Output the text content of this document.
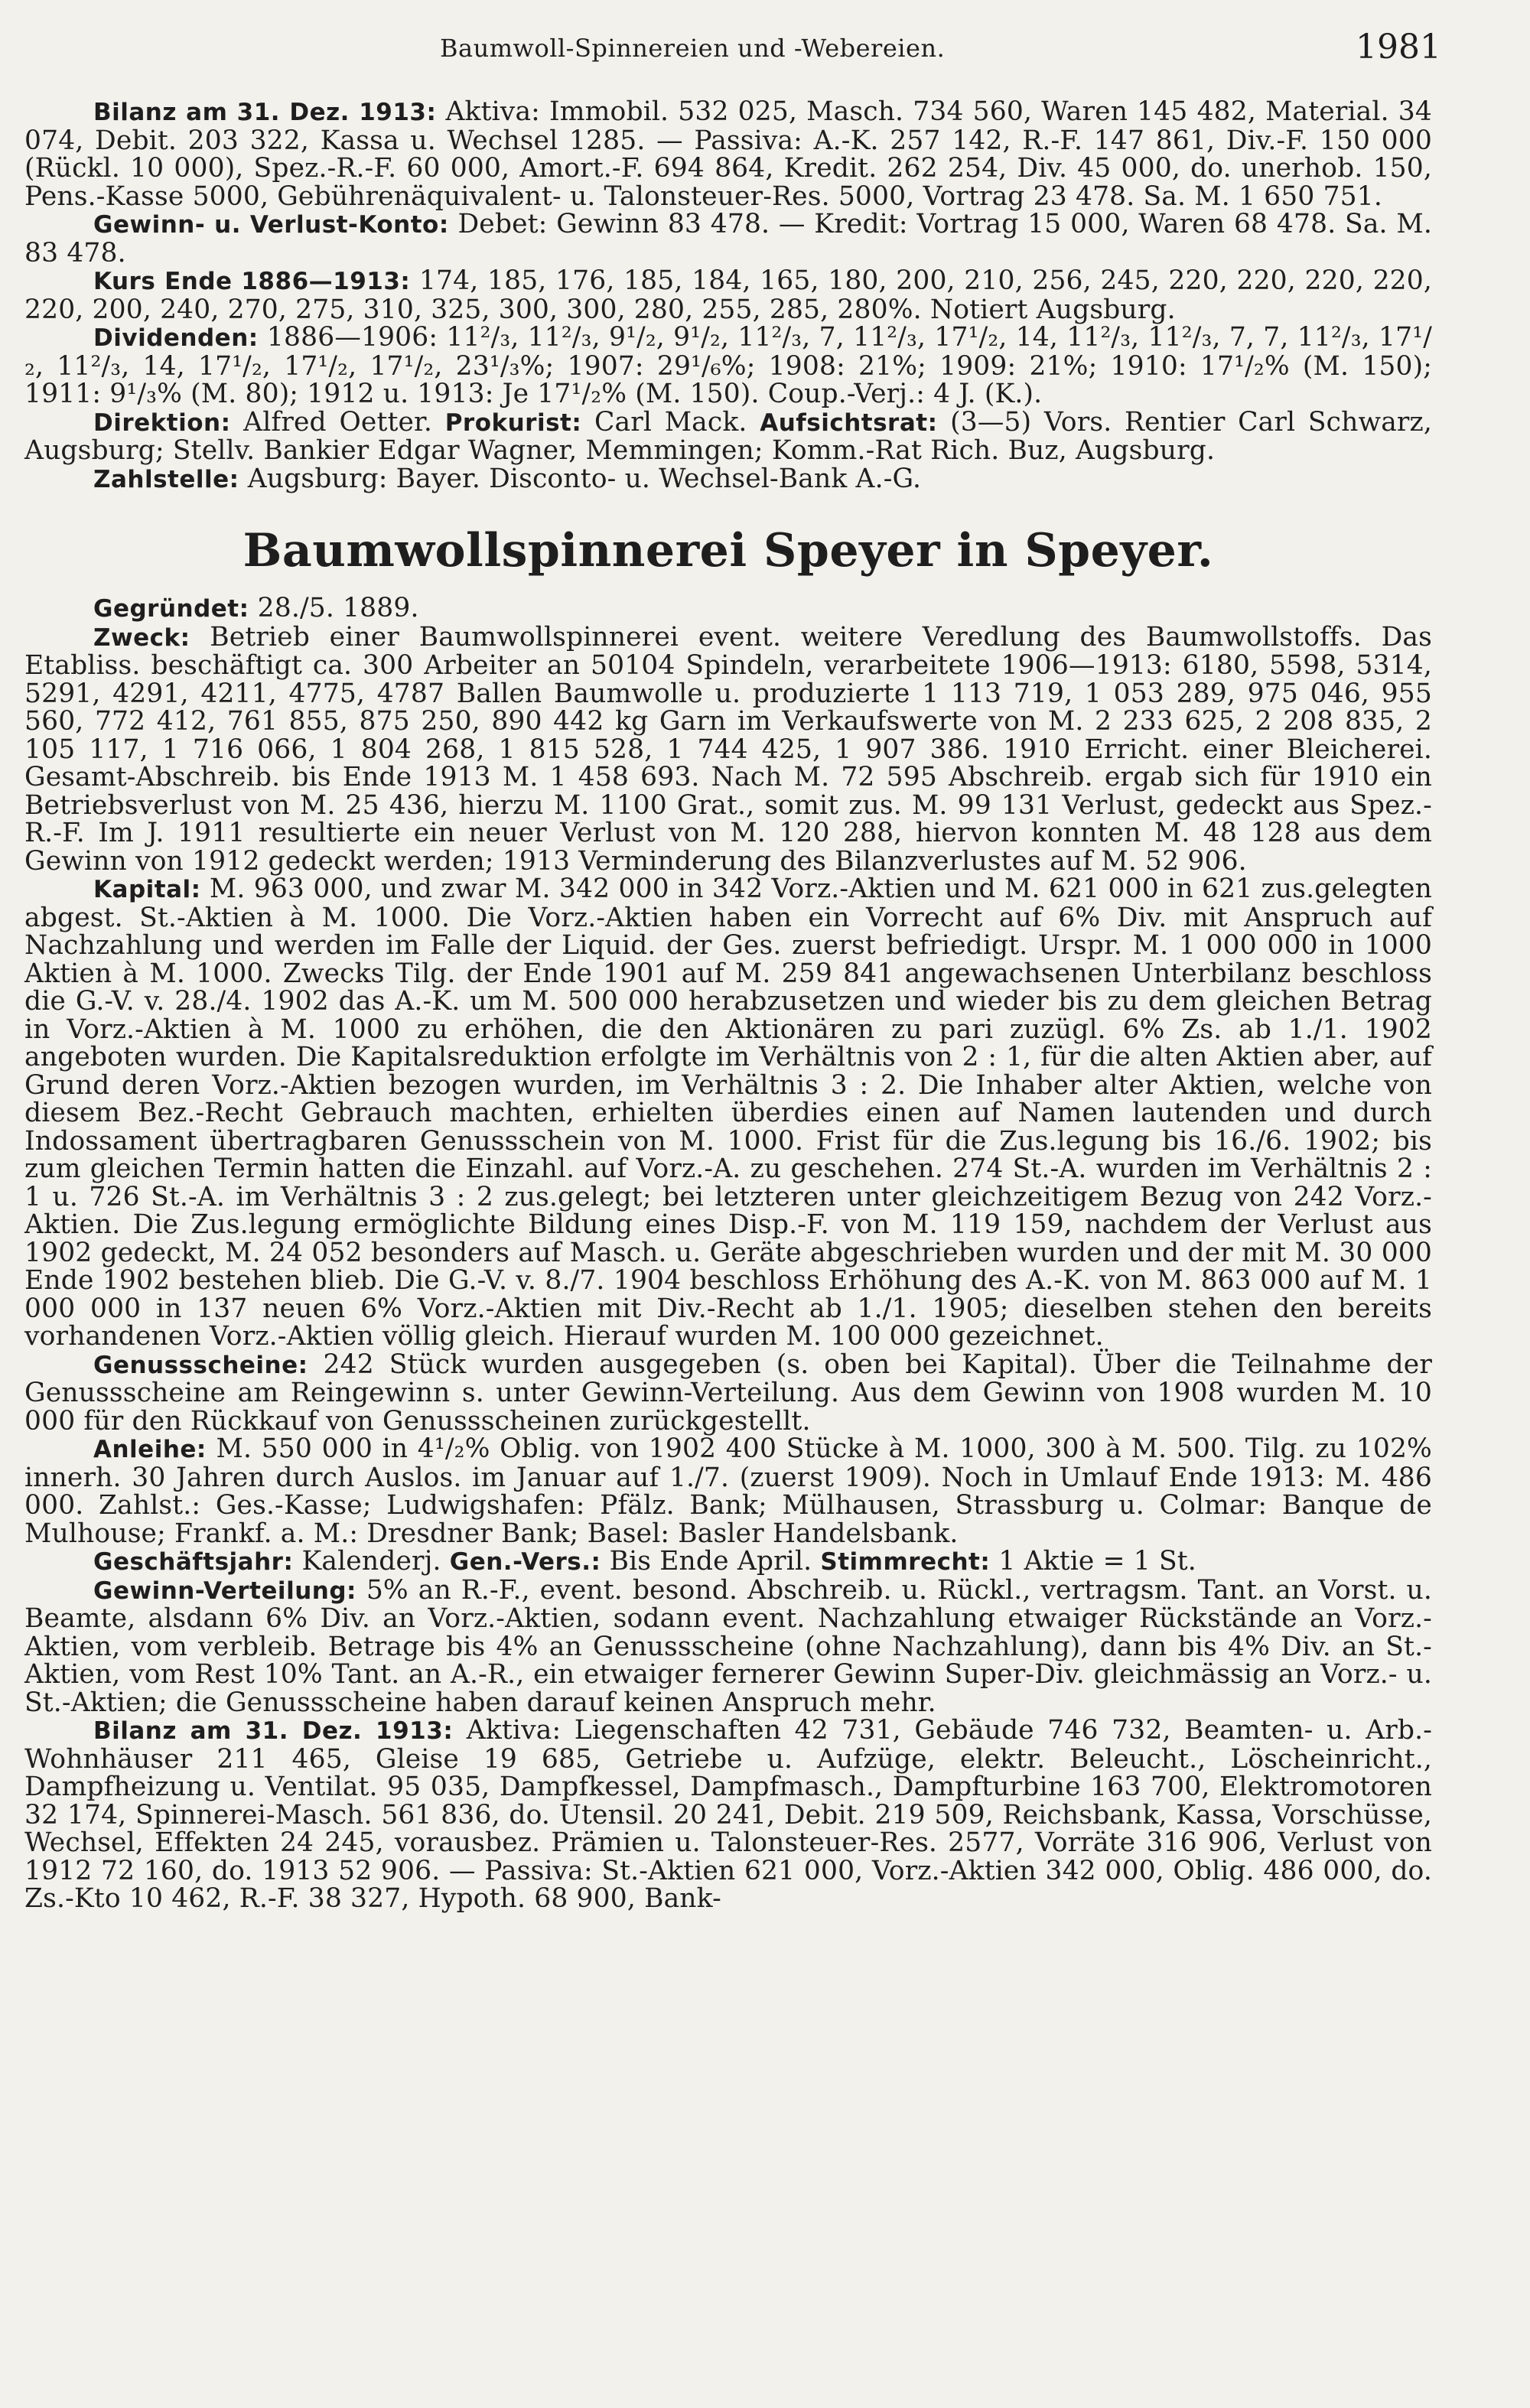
Baumwoll-Spinnereien und -Webereien.	1981

Bilanz am 31. Dez. 1913: Aktiva: Immobil. 532 025, Masch. 734 560, Waren 145 482, Material. 34 074, Debit. 203 322, Kassa u. Wechsel 1285. — Passiva: A.-K. 257 142, R.-F. 147 861, Div.-F. 150 000 (Rückl. 10 000), Spez.-R.-F. 60 000, Amort.-F. 694 864, Kredit. 262 254, Div. 45 000, do. unerhob. 150, Pens.-Kasse 5000, Gebührenäquivalent- u. Talonsteuer-Res. 5000, Vortrag 23 478. Sa. M. 1 650 751.

Gewinn- u. Verlust-Konto: Debet: Gewinn 83 478. — Kredit: Vortrag 15 000, Waren 68 478. Sa. M. 83 478.

Kurs Ende 1886—1913: 174, 185, 176, 185, 184, 165, 180, 200, 210, 256, 245, 220, 220, 220, 220, 220, 200, 240, 270, 275, 310, 325, 300, 300, 280, 255, 285, 280%. Notiert Augsburg.

Dividenden: 1886—1906: 11²/₃, 11²/₃, 9¹/₂, 9¹/₂, 11²/₃, 7, 11²/₃, 17¹/₂, 14, 11²/₃, 11²/₃, 7, 7, 11²/₃, 17¹/₂, 11²/₃, 14, 17¹/₂, 17¹/₂, 17¹/₂, 23¹/₃%; 1907: 29¹/₆%; 1908: 21%; 1909: 21%; 1910: 17¹/₂% (M. 150); 1911: 9¹/₃% (M. 80); 1912 u. 1913: Je 17¹/₂% (M. 150). Coup.-Verj.: 4 J. (K.).

Direktion: Alfred Oetter. Prokurist: Carl Mack. Aufsichtsrat: (3—5) Vors. Rentier Carl Schwarz, Augsburg; Stellv. Bankier Edgar Wagner, Memmingen; Komm.-Rat Rich. Buz, Augsburg.

Zahlstelle: Augsburg: Bayer. Disconto- u. Wechsel-Bank A.-G.

Baumwollspinnerei Speyer in Speyer.

Gegründet: 28./5. 1889.

Zweck: Betrieb einer Baumwollspinnerei event. weitere Veredlung des Baumwollstoffs. Das Etabliss. beschäftigt ca. 300 Arbeiter an 50104 Spindeln, verarbeitete 1906—1913: 6180, 5598, 5314, 5291, 4291, 4211, 4775, 4787 Ballen Baumwolle u. produzierte 1 113 719, 1 053 289, 975 046, 955 560, 772 412, 761 855, 875 250, 890 442 kg Garn im Verkaufswerte von M. 2 233 625, 2 208 835, 2 105 117, 1 716 066, 1 804 268, 1 815 528, 1 744 425, 1 907 386. 1910 Erricht. einer Bleicherei. Gesamt-Abschreib. bis Ende 1913 M. 1 458 693. Nach M. 72 595 Abschreib. ergab sich für 1910 ein Betriebsverlust von M. 25 436, hierzu M. 1100 Grat., somit zus. M. 99 131 Verlust, gedeckt aus Spez.-R.-F. Im J. 1911 resultierte ein neuer Verlust von M. 120 288, hiervon konnten M. 48 128 aus dem Gewinn von 1912 gedeckt werden; 1913 Verminderung des Bilanzverlustes auf M. 52 906.

Kapital: M. 963 000, und zwar M. 342 000 in 342 Vorz.-Aktien und M. 621 000 in 621 zus.gelegten abgest. St.-Aktien à M. 1000. Die Vorz.-Aktien haben ein Vorrecht auf 6% Div. mit Anspruch auf Nachzahlung und werden im Falle der Liquid. der Ges. zuerst befriedigt. Urspr. M. 1 000 000 in 1000 Aktien à M. 1000. Zwecks Tilg. der Ende 1901 auf M. 259 841 angewachsenen Unterbilanz beschloss die G.-V. v. 28./4. 1902 das A.-K. um M. 500 000 herabzusetzen und wieder bis zu dem gleichen Betrag in Vorz.-Aktien à M. 1000 zu erhöhen, die den Aktionären zu pari zuzügl. 6% Zs. ab 1./1. 1902 angeboten wurden. Die Kapitalsreduktion erfolgte im Verhältnis von 2 : 1, für die alten Aktien aber, auf Grund deren Vorz.-Aktien bezogen wurden, im Verhältnis 3 : 2. Die Inhaber alter Aktien, welche von diesem Bez.-Recht Gebrauch machten, erhielten überdies einen auf Namen lautenden und durch Indossament übertragbaren Genussschein von M. 1000. Frist für die Zus.legung bis 16./6. 1902; bis zum gleichen Termin hatten die Einzahl. auf Vorz.-A. zu geschehen. 274 St.-A. wurden im Verhältnis 2 : 1 u. 726 St.-A. im Verhältnis 3 : 2 zus.gelegt; bei letzteren unter gleichzeitigem Bezug von 242 Vorz.-Aktien. Die Zus.legung ermöglichte Bildung eines Disp.-F. von M. 119 159, nachdem der Verlust aus 1902 gedeckt, M. 24 052 besonders auf Masch. u. Geräte abgeschrieben wurden und der mit M. 30 000 Ende 1902 bestehen blieb. Die G.-V. v. 8./7. 1904 beschloss Erhöhung des A.-K. von M. 863 000 auf M. 1 000 000 in 137 neuen 6% Vorz.-Aktien mit Div.-Recht ab 1./1. 1905; dieselben stehen den bereits vorhandenen Vorz.-Aktien völlig gleich. Hierauf wurden M. 100 000 gezeichnet.

Genussscheine: 242 Stück wurden ausgegeben (s. oben bei Kapital). Über die Teilnahme der Genussscheine am Reingewinn s. unter Gewinn-Verteilung. Aus dem Gewinn von 1908 wurden M. 10 000 für den Rückkauf von Genussscheinen zurückgestellt.

Anleihe: M. 550 000 in 4¹/₂% Oblig. von 1902 400 Stücke à M. 1000, 300 à M. 500. Tilg. zu 102% innerh. 30 Jahren durch Auslos. im Januar auf 1./7. (zuerst 1909). Noch in Umlauf Ende 1913: M. 486 000. Zahlst.: Ges.-Kasse; Ludwigshafen: Pfälz. Bank; Mülhausen, Strassburg u. Colmar: Banque de Mulhouse; Frankf. a. M.: Dresdner Bank; Basel: Basler Handelsbank.

Geschäftsjahr: Kalenderj. Gen.-Vers.: Bis Ende April. Stimmrecht: 1 Aktie = 1 St.

Gewinn-Verteilung: 5% an R.-F., event. besond. Abschreib. u. Rückl., vertragsm. Tant. an Vorst. u. Beamte, alsdann 6% Div. an Vorz.-Aktien, sodann event. Nachzahlung etwaiger Rückstände an Vorz.-Aktien, vom verbleib. Betrage bis 4% an Genussscheine (ohne Nachzahlung), dann bis 4% Div. an St.-Aktien, vom Rest 10% Tant. an A.-R., ein etwaiger fernerer Gewinn Super-Div. gleichmässig an Vorz.- u. St.-Aktien; die Genussscheine haben darauf keinen Anspruch mehr.

Bilanz am 31. Dez. 1913: Aktiva: Liegenschaften 42 731, Gebäude 746 732, Beamten- u. Arb.-Wohnhäuser 211 465, Gleise 19 685, Getriebe u. Aufzüge, elektr. Beleucht., Löscheinricht., Dampfheizung u. Ventilat. 95 035, Dampfkessel, Dampfmasch., Dampfturbine 163 700, Elektromotoren 32 174, Spinnerei-Masch. 561 836, do. Utensil. 20 241, Debit. 219 509, Reichsbank, Kassa, Vorschüsse, Wechsel, Effekten 24 245, vorausbez. Prämien u. Talonsteuer-Res. 2577, Vorräte 316 906, Verlust von 1912 72 160, do. 1913 52 906. — Passiva: St.-Aktien 621 000, Vorz.-Aktien 342 000, Oblig. 486 000, do. Zs.-Kto 10 462, R.-F. 38 327, Hypoth. 68 900, Bank-
